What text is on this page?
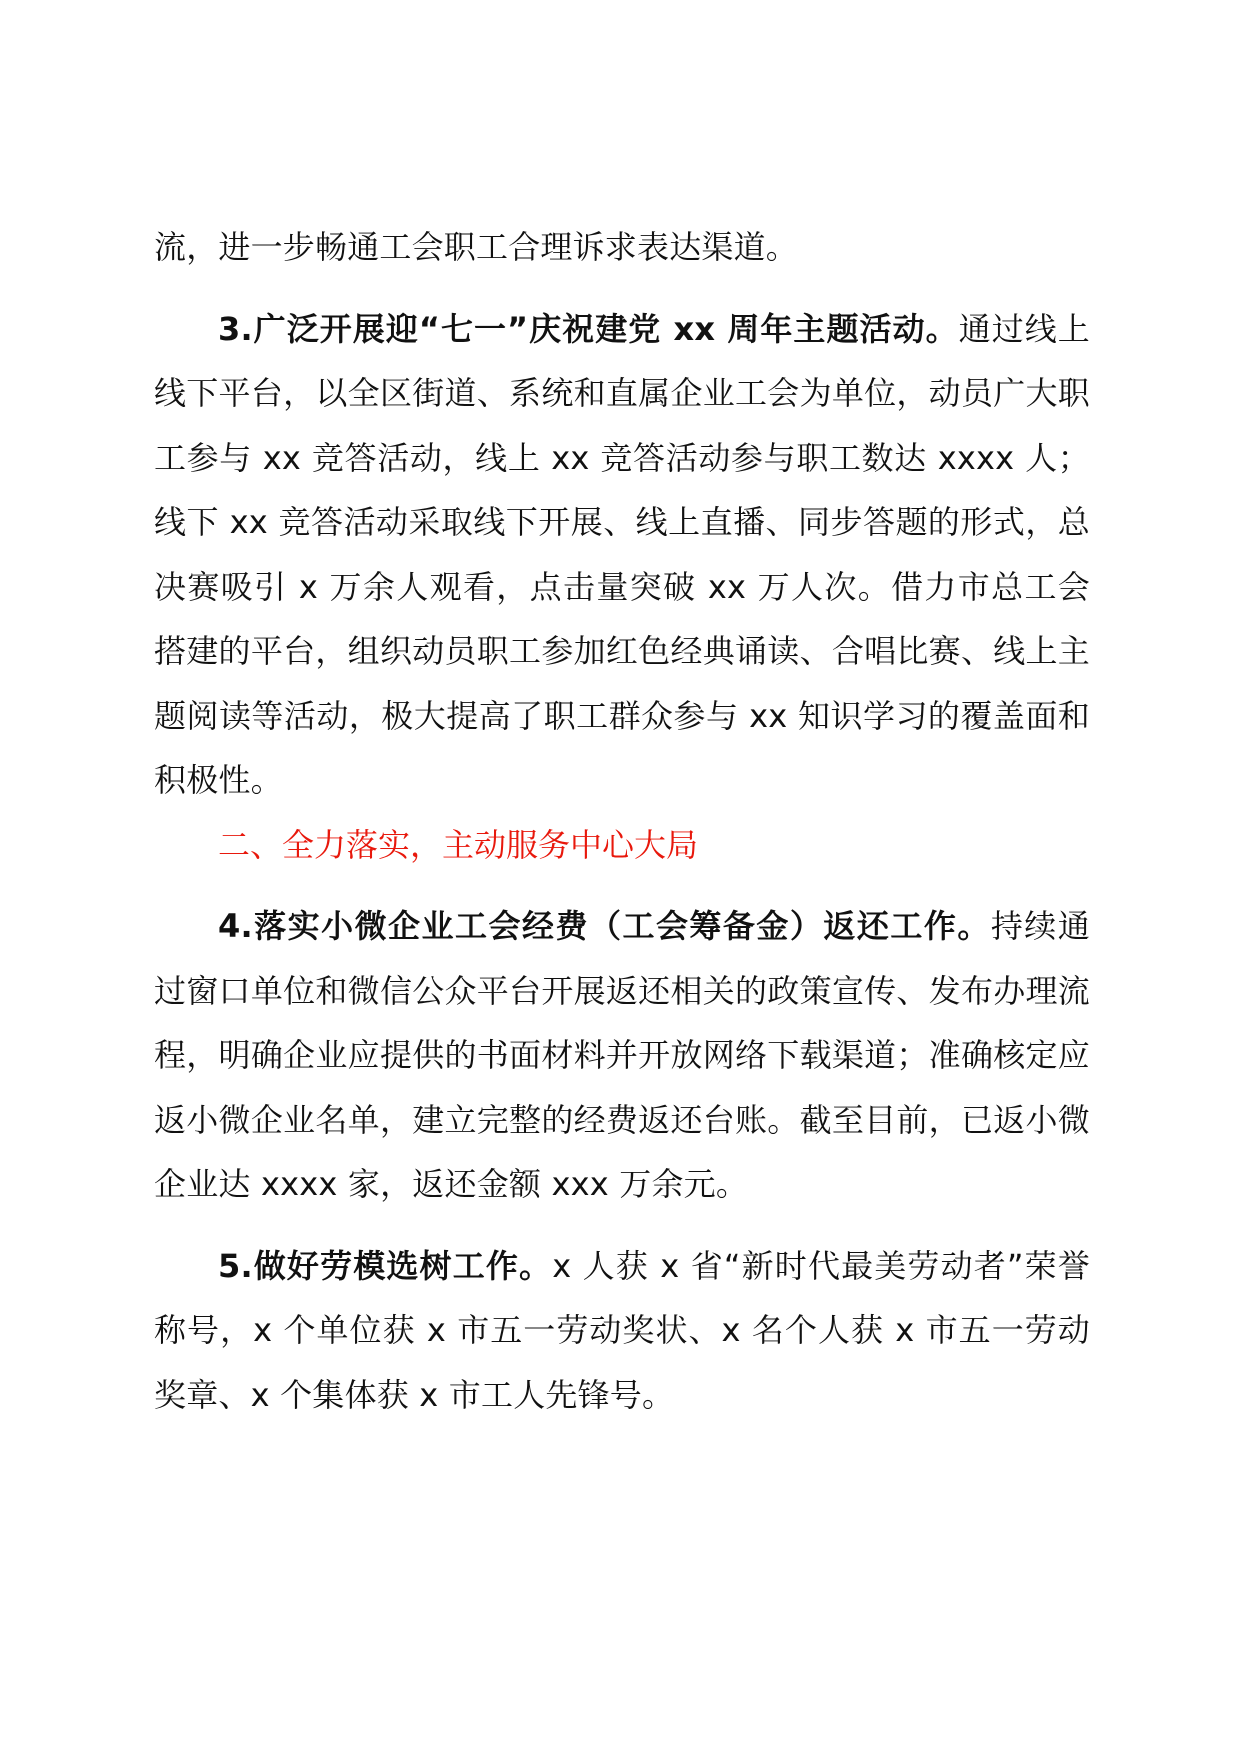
流，进一步畅通工会职工合理诉求表达渠道。

3.广泛开展迎“七一”庆祝建党 xx 周年主题活动。通过线上线下平台，以全区街道、系统和直属企业工会为单位，动员广大职工参与 xx 竞答活动，线上 xx 竞答活动参与职工数达 xxxx 人；线下 xx 竞答活动采取线下开展、线上直播、同步答题的形式，总决赛吸引 x 万余人观看，点击量突破 xx 万人次。借力市总工会搭建的平台，组织动员职工参加红色经典诵读、合唱比赛、线上主题阅读等活动，极大提高了职工群众参与 xx 知识学习的覆盖面和积极性。

二、全力落实，主动服务中心大局

4.落实小微企业工会经费（工会筹备金）返还工作。持续通过窗口单位和微信公众平台开展返还相关的政策宣传、发布办理流程，明确企业应提供的书面材料并开放网络下载渠道；准确核定应返小微企业名单，建立完整的经费返还台账。截至目前，已返小微企业达 xxxx 家，返还金额 xxx 万余元。

5.做好劳模选树工作。x 人获 x 省“新时代最美劳动者”荣誉称号，x 个单位获 x 市五一劳动奖状、x 名个人获 x 市五一劳动奖章、x 个集体获 x 市工人先锋号。
